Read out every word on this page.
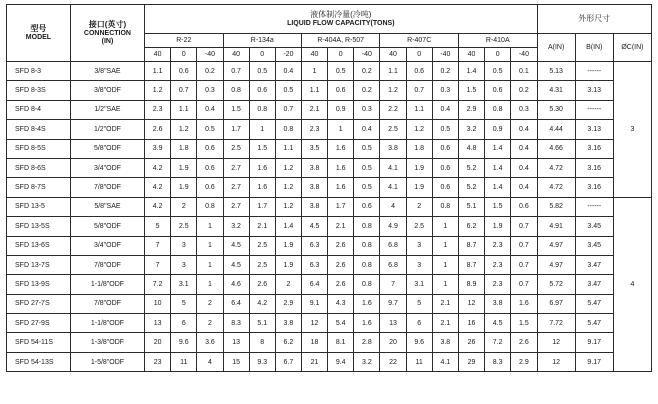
型号
MODEL	接口(英寸)
CONNECTION
(IN)	液体制冷量(冷吨)
LIQUID FLOW CAPACITY(TONS)															外形尺寸		

		R-22			R-134a			R-404A, R-507			R-407C			R-410A			A(IN)	B(IN)	ØC(IN)
		40	0	-40	40	0	-20	40	0	-40	40	0	-40	40	0	-40			
SFD 8-3	3/8"SAE	1.1	0.6	0.2	0.7	0.5	0.4	1	0.5	0.2	1.1	0.6	0.2	1.4	0.5	0.1	5.13	------	3
SFD 8-3S	3/8"ODF	1.2	0.7	0.3	0.8	0.6	0.5	1.1	0.6	0.2	1.2	0.7	0.3	1.5	0.6	0.2	4.31	3.13	
SFD 8-4	1/2"SAE	2.3	1.1	0.4	1.5	0.8	0.7	2.1	0.9	0.3	2.2	1.1	0.4	2.9	0.8	0.3	5.30	------	
SFD 8-4S	1/2"ODF	2.6	1.2	0.5	1.7	1	0.8	2.3	1	0.4	2.5	1.2	0.5	3.2	0.9	0.4	4.44	3.13	
SFD 8-5S	5/8"ODF	3.9	1.8	0.6	2.5	1.5	1.1	3.5	1.6	0.5	3.8	1.8	0.6	4.8	1.4	0.4	4.66	3.16	
SFD 8-6S	3/4"ODF	4.2	1.9	0.6	2.7	1.6	1.2	3.8	1.6	0.5	4.1	1.9	0.6	5.2	1.4	0.4	4.72	3.16	
SFD 8-7S	7/8"ODF	4.2	1.9	0.6	2.7	1.6	1.2	3.8	1.6	0.5	4.1	1.9	0.6	5.2	1.4	0.4	4.72	3.16	
SFD 13-5	5/8"SAE	4.2	2	0.8	2.7	1.7	1.2	3.8	1.7	0.6	4	2	0.8	5.1	1.5	0.6	5.82	------	4
SFD 13-5S	5/8"ODF	5	2.5	1	3.2	2.1	1.4	4.5	2.1	0.8	4.9	2.5	1	6.2	1.9	0.7	4.91	3.45	
SFD 13-6S	3/4"ODF	7	3	1	4.5	2.5	1.9	6.3	2.6	0.8	6.8	3	1	8.7	2.3	0.7	4.97	3.45	
SFD 13-7S	7/8"ODF	7	3	1	4.5	2.5	1.9	6.3	2.6	0.8	6.8	3	1	8.7	2.3	0.7	4.97	3.47	
SFD 13-9S	1-1/8"ODF	7.2	3.1	1	4.6	2.6	2	6.4	2.6	0.8	7	3.1	1	8.9	2.3	0.7	5.72	3.47	
SFD 27-7S	7/8"ODF	10	5	2	6.4	4.2	2.9	9.1	4.3	1.6	9.7	5	2.1	12	3.8	1.6	6.97	5.47	
SFD 27-9S	1-1/8"ODF	13	6	2	8.3	5.1	3.8	12	5.4	1.6	13	6	2.1	16	4.5	1.5	7.72	5.47	
SFD 54-11S	1-3/8"ODF	20	9.6	3.6	13	8	6.2	18	8.1	2.8	20	9.6	3.8	26	7.2	2.6	12	9.17	
SFD 54-13S	1-5/8"ODF	23	11	4	15	9.3	6.7	21	9.4	3.2	22	11	4.1	29	8.3	2.9	12	9.17	
